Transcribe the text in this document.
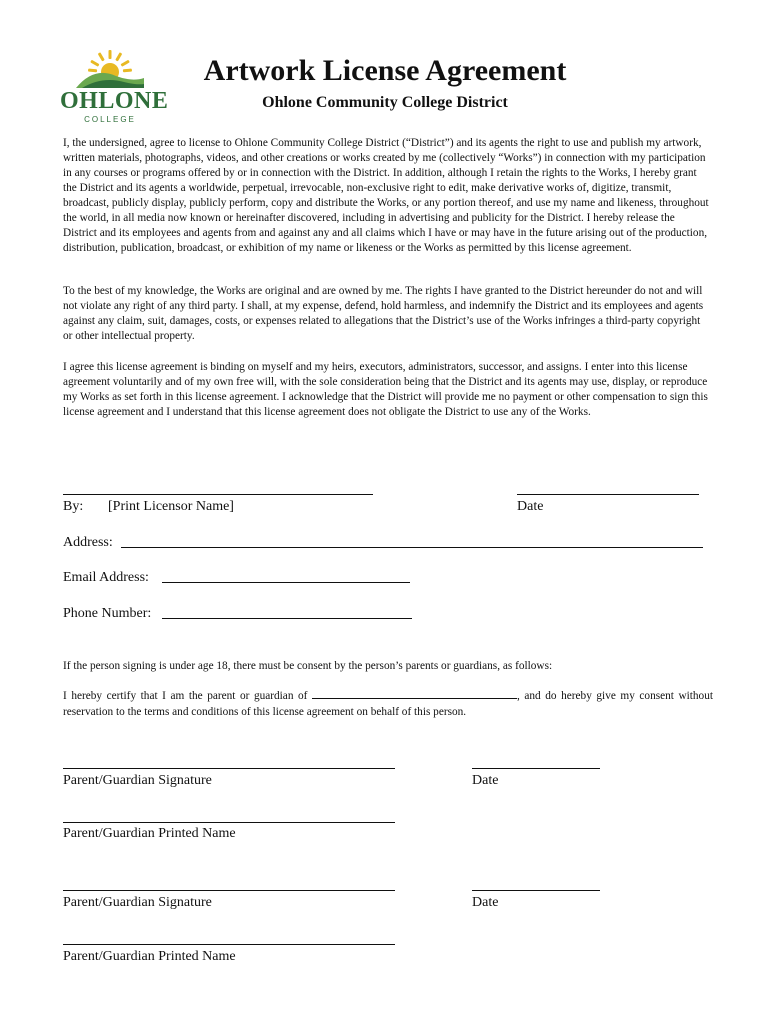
OHLONE
COLLEGE
Artwork License Agreement
Ohlone Community College District
I, the undersigned, agree to license to Ohlone Community College District (“District”) and its agents the right to use and publish my artwork, written materials, photographs, videos, and other creations or works created by me (collectively “Works”) in connection with my participation in any courses or programs offered by or in connection with the District. In addition, although I retain the rights to the Works, I hereby grant the District and its agents a worldwide, perpetual, irrevocable, non-exclusive right to edit, make derivative works of, digitize, transmit, broadcast, publicly display, publicly perform, copy and distribute the Works, or any portion thereof, and use my name and likeness, throughout the world, in all media now known or hereinafter discovered, including in advertising and publicity for the District. I hereby release the District and its employees and agents from and against any and all claims which I have or may have in the future arising out of the production, distribution, publication, broadcast, or exhibition of my name or likeness or the Works as permitted by this license agreement.
To the best of my knowledge, the Works are original and are owned by me. The rights I have granted to the District hereunder do not and will not violate any right of any third party. I shall, at my expense, defend, hold harmless, and indemnify the District and its employees and agents against any claim, suit, damages, costs, or expenses related to allegations that the District’s use of the Works infringes a third-party copyright or other intellectual property.
I agree this license agreement is binding on myself and my heirs, executors, administrators, successor, and assigns. I enter into this license agreement voluntarily and of my own free will, with the sole consideration being that the District and its agents may use, display, or reproduce my Works as set forth in this license agreement. I acknowledge that the District will provide me no payment or other compensation to sign this license agreement and I understand that this license agreement does not obligate the District to use any of the Works.
By: [Print Licensor Name]	Date
Address:
Email Address:
Phone Number:
If the person signing is under age 18, there must be consent by the person’s parents or guardians, as follows:
I hereby certify that I am the parent or guardian of	, and do hereby give my consent without reservation to the terms and conditions of this license agreement on behalf of this person.
Parent/Guardian Signature	Date
Parent/Guardian Printed Name
Parent/Guardian Signature	Date
Parent/Guardian Printed Name
